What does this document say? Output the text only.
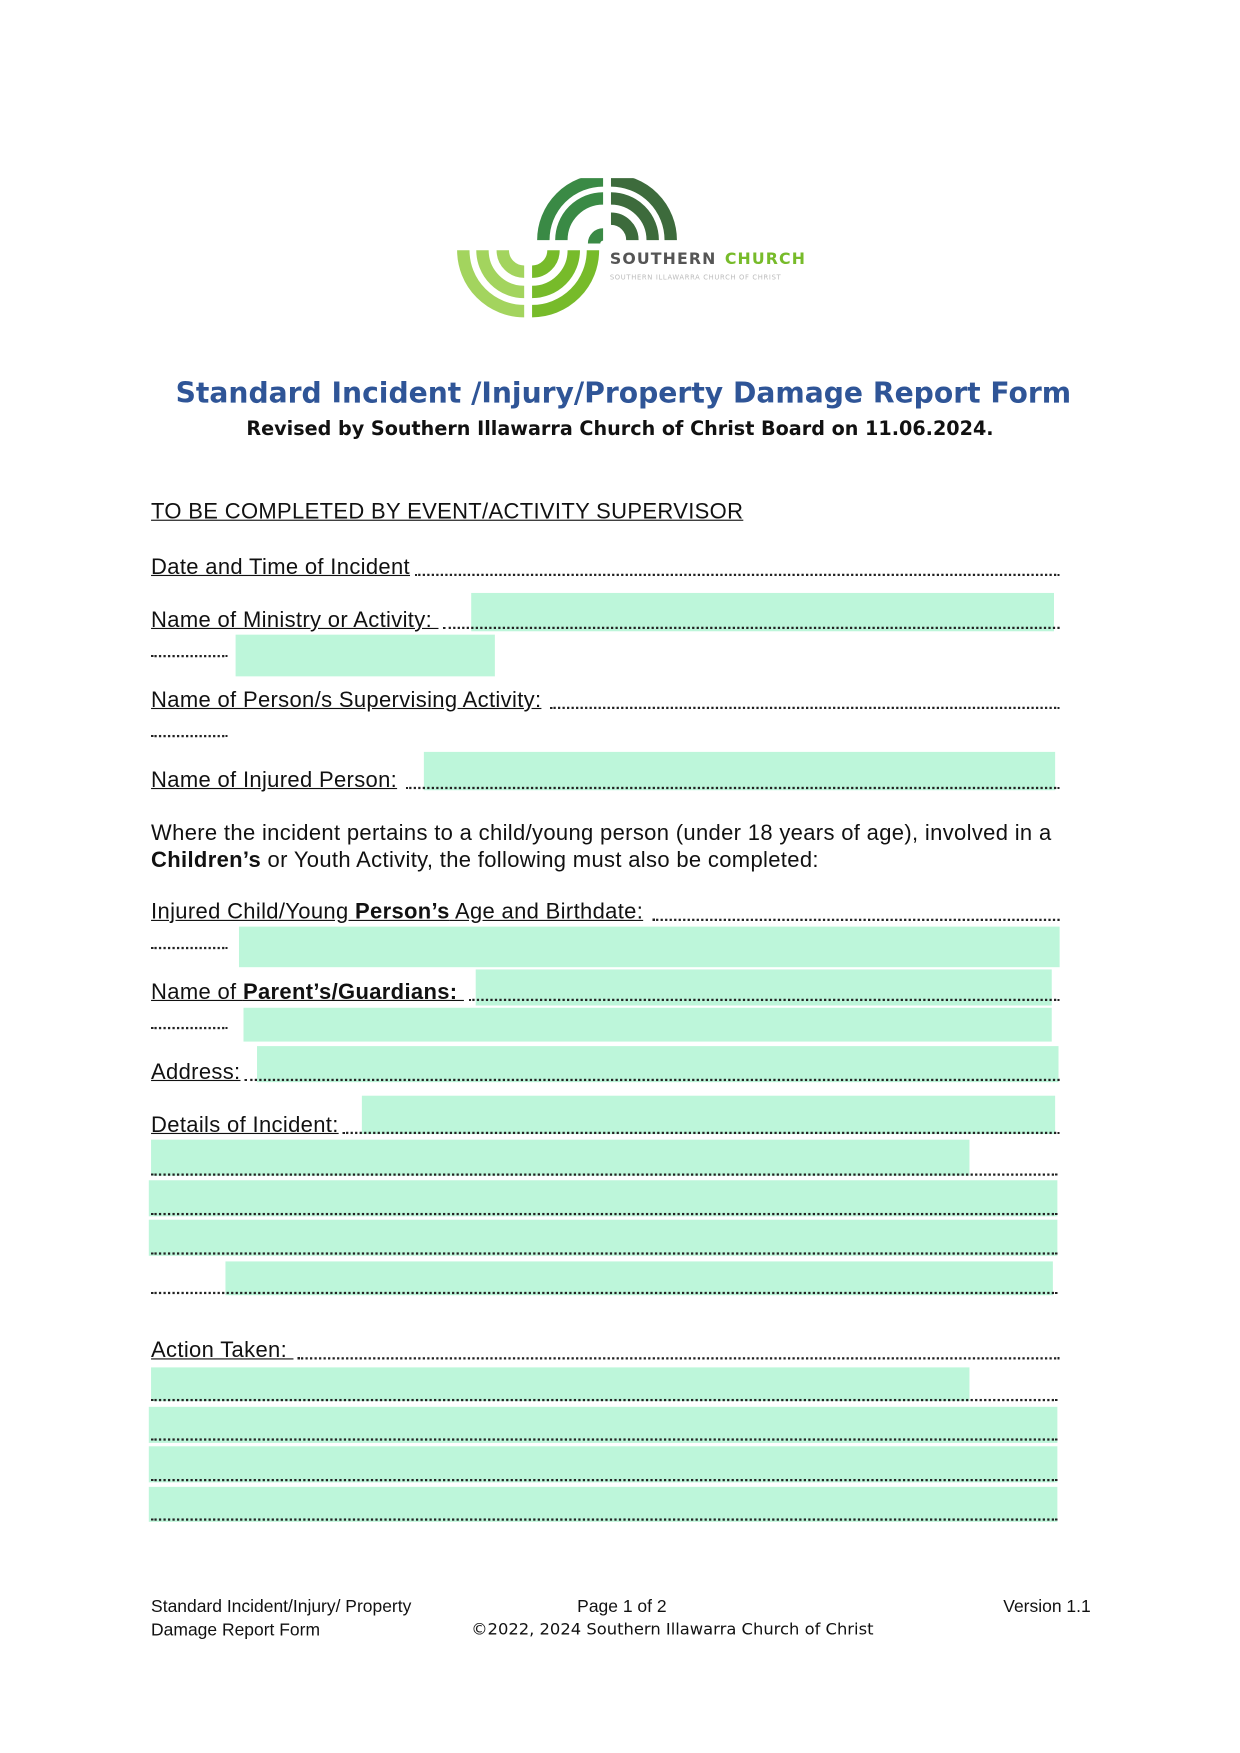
SOUTHERN CHURCH
SOUTHERN ILLAWARRA CHURCH OF CHRIST
Standard Incident /Injury/Property Damage Report Form
Revised by Southern Illawarra Church of Christ Board on 11.06.2024.
TO BE COMPLETED BY EVENT/ACTIVITY SUPERVISOR
Date and Time of Incident
Name of Ministry or Activity:
Name of Person/s Supervising Activity:
Name of Injured Person:
Where the incident pertains to a child/young person (under 18 years of age), involved in a Children’s or Youth Activity, the following must also be completed:
Injured Child/Young Person’s Age and Birthdate:
Name of Parent’s/Guardians:
Address:
Details of Incident:
Action Taken:
Standard Incident/Injury/ Property
Damage Report Form
Page 1 of 2
©2022, 2024 Southern Illawarra Church of Christ
Version 1.1
